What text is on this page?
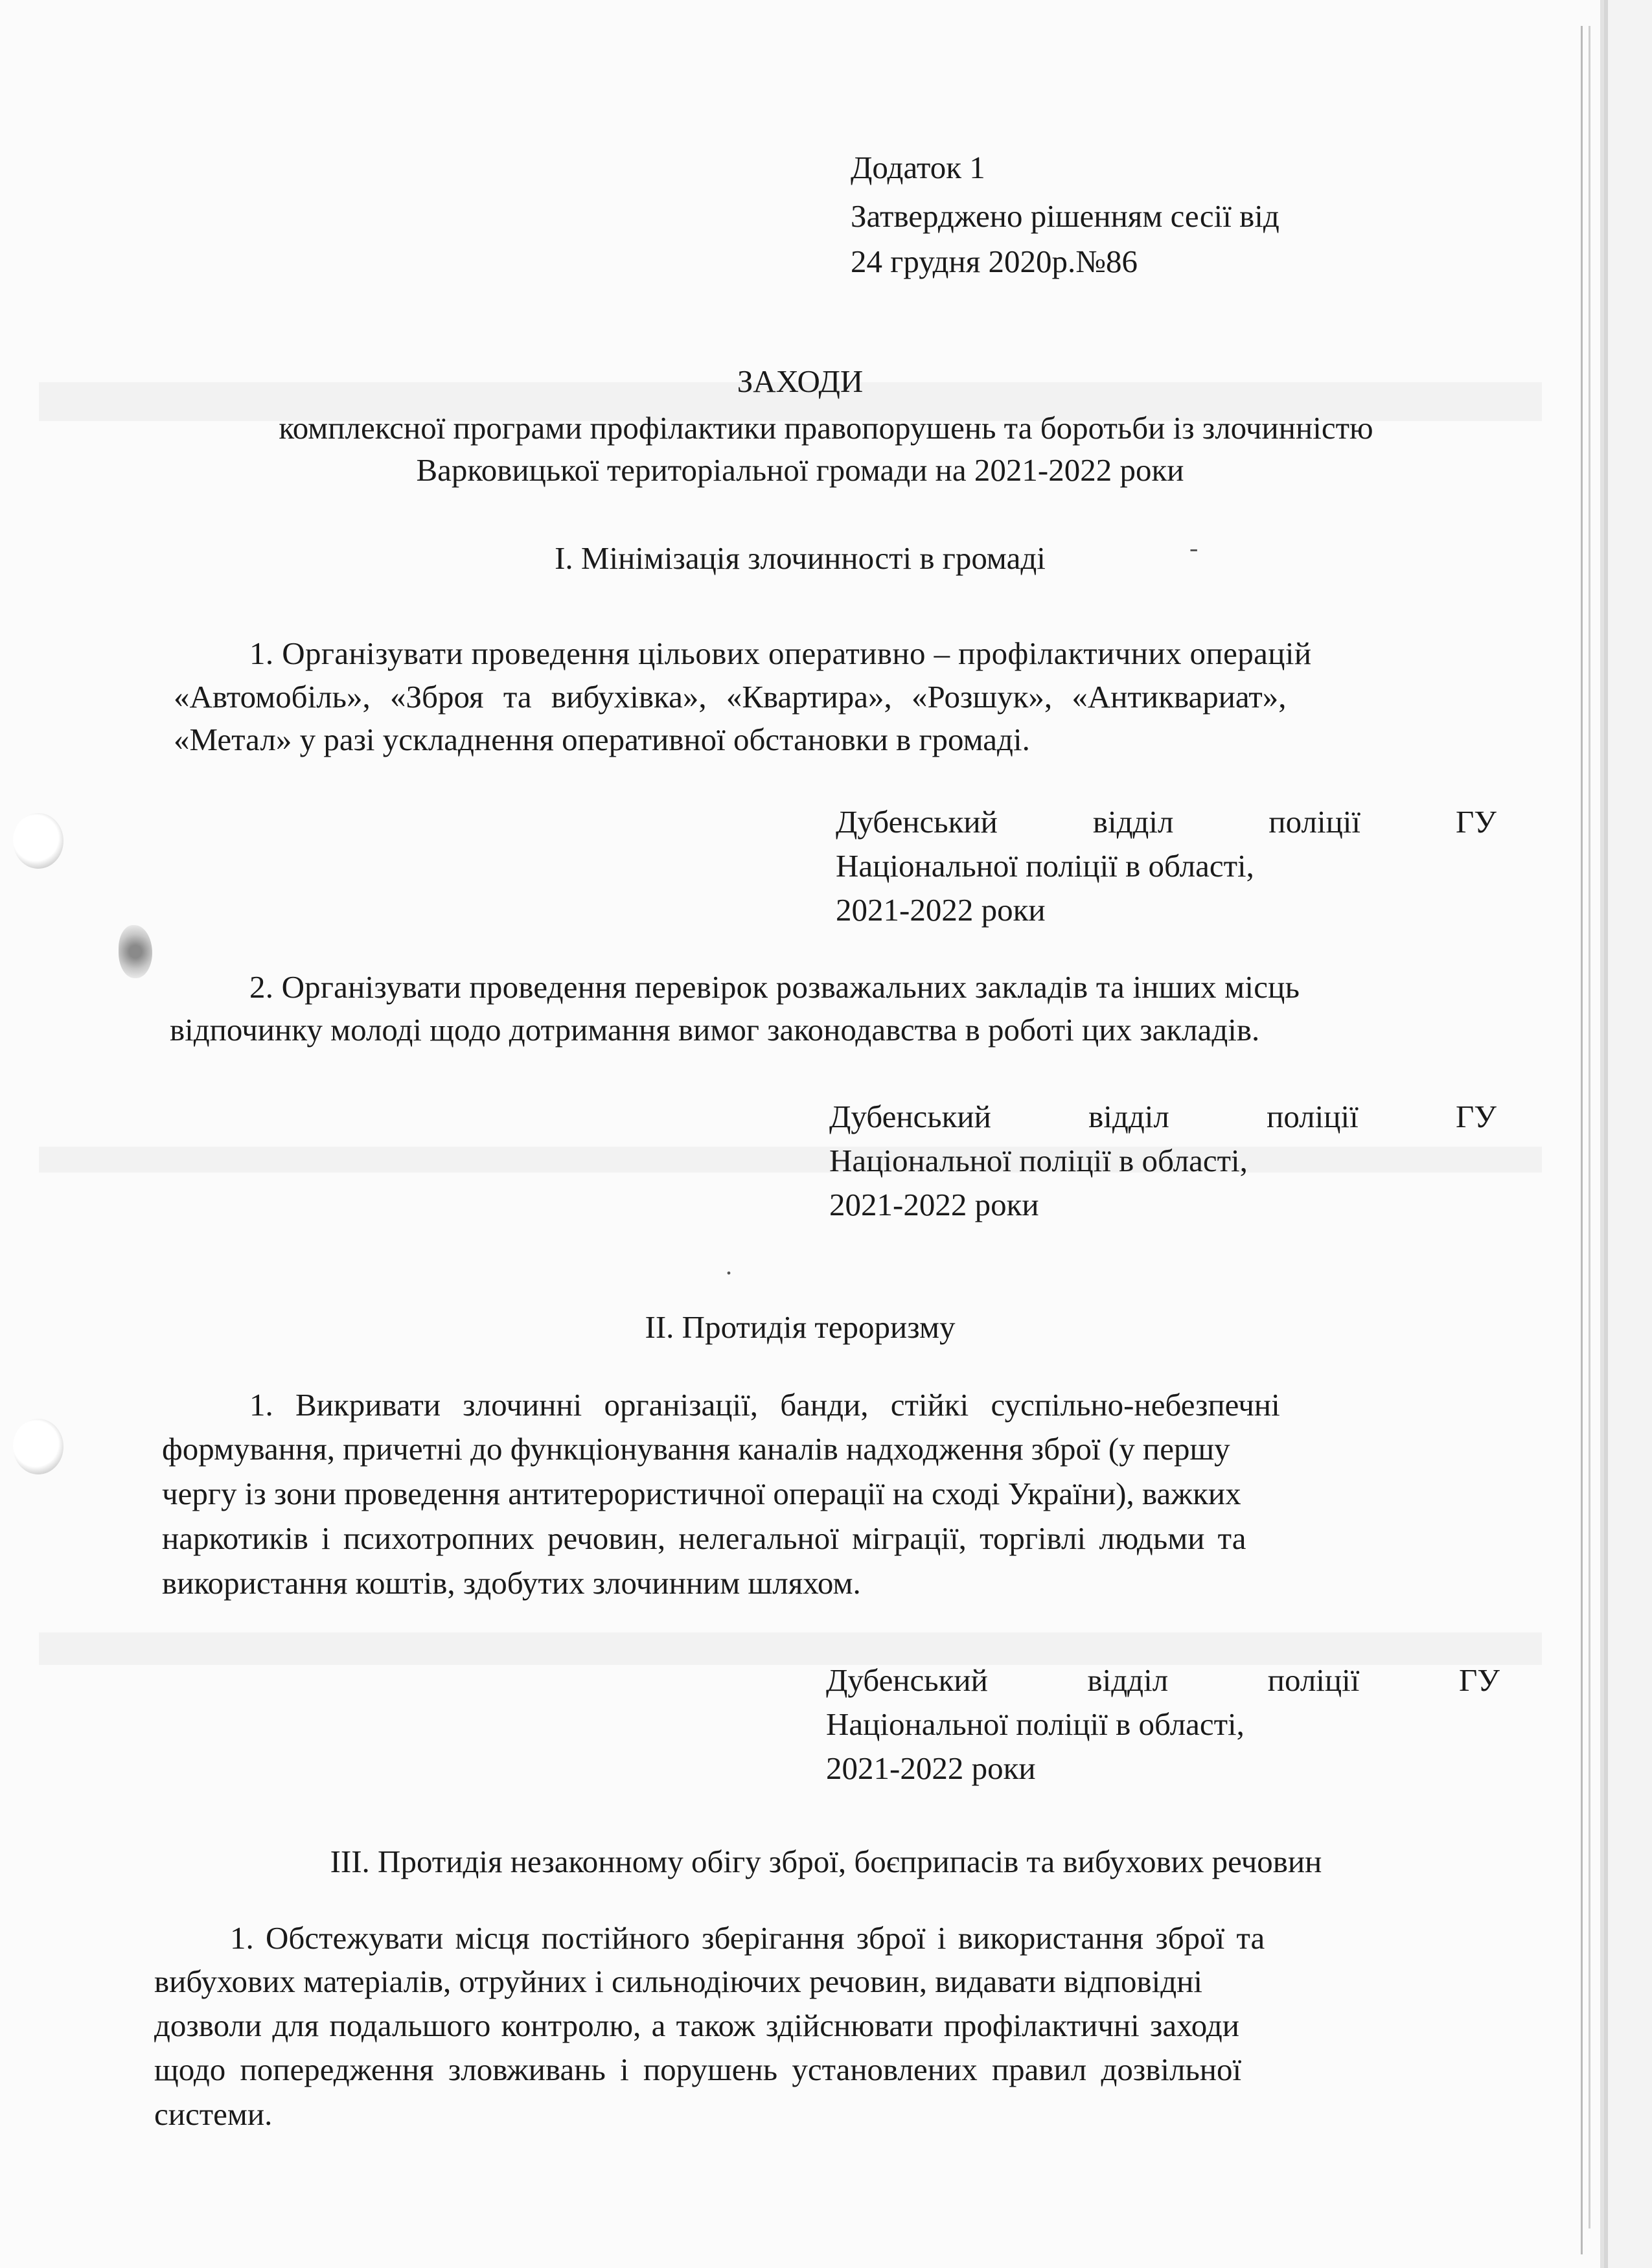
Додаток 1
Затверджено рішенням сесії від
24 грудня 2020р.№86
ЗАХОДИ
комплексної програми профілактики правопорушень та боротьби із злочинністю
Варковицької територіальної громади на 2021-2022 роки
I. Мінімізація злочинності в громаді	-
1. Організувати проведення цільових оперативно – профілактичних операцій
«Автомобіль», «Зброя та вибухівка», «Квартира», «Розшук», «Антиквариат»,
«Метал» у разі ускладнення оперативної обстановки в громаді.
Дубенський	відділ	поліції	ГУ
Національної поліції в області,
2021-2022 роки
2. Організувати проведення перевірок розважальних закладів та інших місць
відпочинку молоді щодо дотримання вимог законодавства в роботі цих закладів.
Дубенський	відділ	поліції	ГУ
Національної поліції в області,
2021-2022 роки
.
II. Протидія тероризму
1. Викривати злочинні організації, банди, стійкі суспільно-небезпечні
формування, причетні до функціонування каналів надходження зброї (у першу
чергу із зони проведення антитерористичної операції на сході України), важких
наркотиків і психотропних речовин, нелегальної міграції, торгівлі людьми та
використання коштів, здобутих злочинним шляхом.
Дубенський	відділ	поліції	ГУ
Національної поліції в області,
2021-2022 роки
III. Протидія незаконному обігу зброї, боєприпасів та вибухових речовин
1. Обстежувати місця постійного зберігання зброї і використання зброї та
вибухових матеріалів, отруйних і сильнодіючих речовин, видавати відповідні
дозволи для подальшого контролю, а також здійснювати профілактичні заходи
щодо попередження зловживань і порушень установлених правил дозвільної
системи.
